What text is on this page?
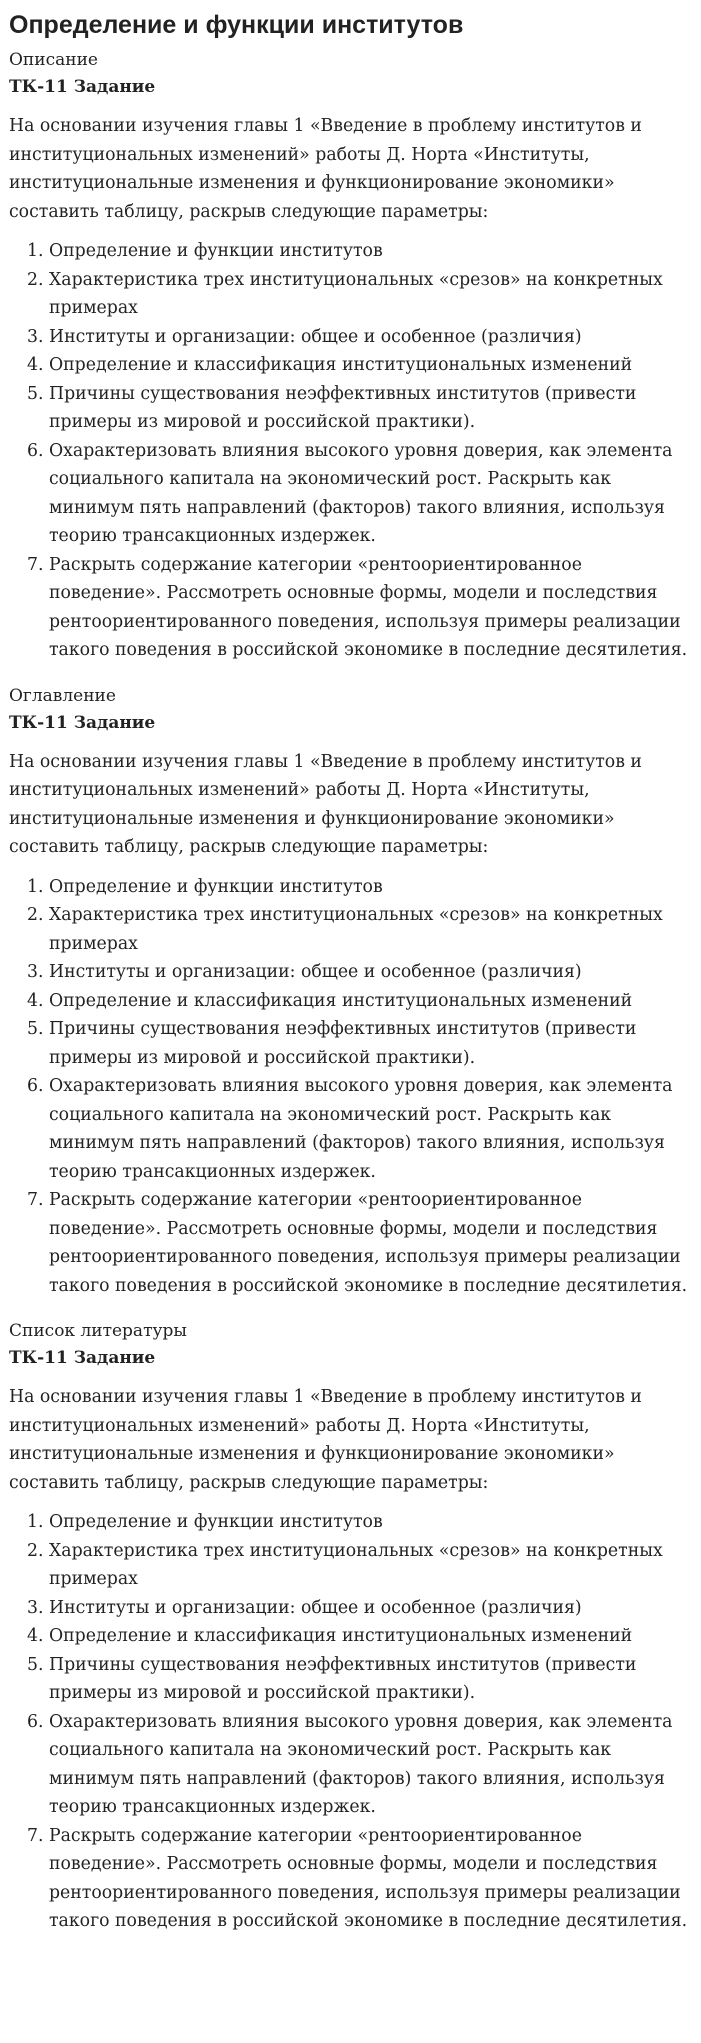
Определение и функции институтов
Описание
ТК-11 Задание

На основании изучения главы 1 «Введение в проблему институтов и институциональных изменений» работы Д. Норта «Институты, институциональные изменения и функционирование экономики» составить таблицу, раскрыв следующие параметры:

1. Определение и функции институтов
2. Характеристика трех институциональных «срезов» на конкретных примерах
3. Институты и организации: общее и особенное (различия)
4. Определение и классификация институциональных изменений
5. Причины существования неэффективных институтов (привести примеры из мировой и российской практики).
6. Охарактеризовать влияния высокого уровня доверия, как элемента социального капитала на экономический рост. Раскрыть как минимум пять направлений (факторов) такого влияния, используя теорию трансакционных издержек.
7. Раскрыть содержание категории «рентоориентированное поведение». Рассмотреть основные формы, модели и последствия рентоориентированного поведения, используя примеры реализации такого поведения в российской экономике в последние десятилетия.
Оглавление
ТК-11 Задание

На основании изучения главы 1 «Введение в проблему институтов и институциональных изменений» работы Д. Норта «Институты, институциональные изменения и функционирование экономики» составить таблицу, раскрыв следующие параметры:

1. Определение и функции институтов
2. Характеристика трех институциональных «срезов» на конкретных примерах
3. Институты и организации: общее и особенное (различия)
4. Определение и классификация институциональных изменений
5. Причины существования неэффективных институтов (привести примеры из мировой и российской практики).
6. Охарактеризовать влияния высокого уровня доверия, как элемента социального капитала на экономический рост. Раскрыть как минимум пять направлений (факторов) такого влияния, используя теорию трансакционных издержек.
7. Раскрыть содержание категории «рентоориентированное поведение». Рассмотреть основные формы, модели и последствия рентоориентированного поведения, используя примеры реализации такого поведения в российской экономике в последние десятилетия.
Список литературы
ТК-11 Задание

На основании изучения главы 1 «Введение в проблему институтов и институциональных изменений» работы Д. Норта «Институты, институциональные изменения и функционирование экономики» составить таблицу, раскрыв следующие параметры:

1. Определение и функции институтов
2. Характеристика трех институциональных «срезов» на конкретных примерах
3. Институты и организации: общее и особенное (различия)
4. Определение и классификация институциональных изменений
5. Причины существования неэффективных институтов (привести примеры из мировой и российской практики).
6. Охарактеризовать влияния высокого уровня доверия, как элемента социального капитала на экономический рост. Раскрыть как минимум пять направлений (факторов) такого влияния, используя теорию трансакционных издержек.
7. Раскрыть содержание категории «рентоориентированное поведение». Рассмотреть основные формы, модели и последствия рентоориентированного поведения, используя примеры реализации такого поведения в российской экономике в последние десятилетия.
